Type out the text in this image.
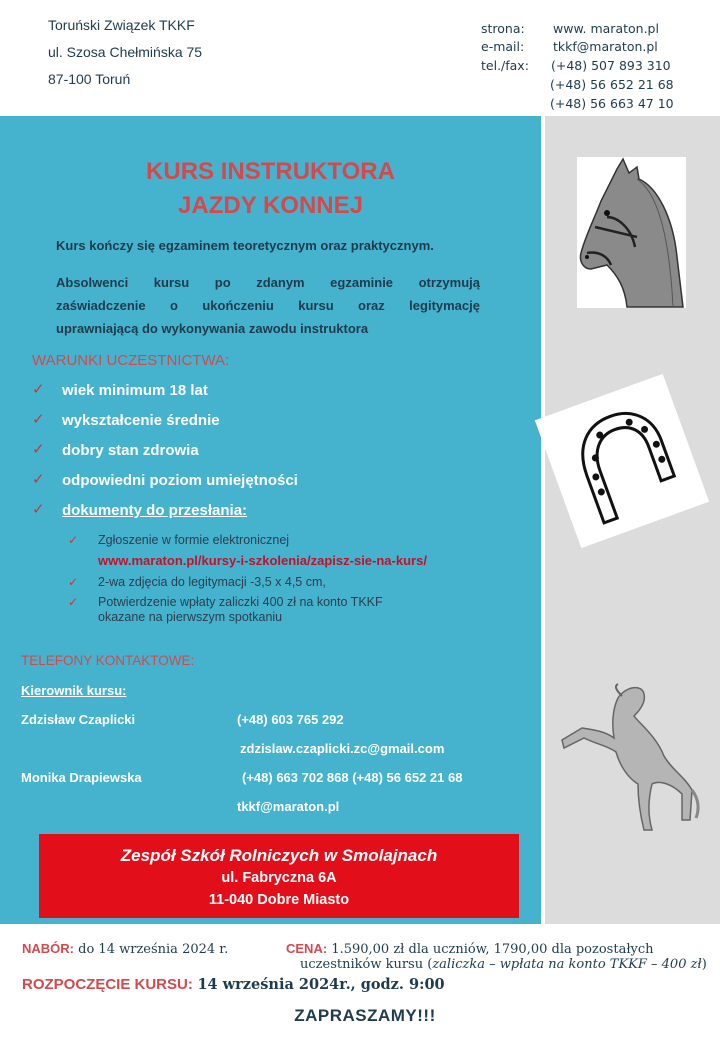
Toruński Związek TKKF
ul. Szosa Chełmińska 75
87-100 Toruń
strona: www. maraton.pl
e-mail: tkkf@maraton.pl
tel./fax: (+48) 507 893 310
(+48) 56 652 21 68
(+48) 56 663 47 10
KURS INSTRUKTORA
JAZDY KONNEJ
Kurs kończy się egzaminem teoretycznym oraz praktycznym.
Absolwenci kursu po zdanym egzaminie otrzymują
zaświadczenie o ukończeniu kursu oraz legitymację
uprawniającą do wykonywania zawodu instruktora
WARUNKI UCZESTNICTWA:
✓ wiek minimum 18 lat
✓ wykształcenie średnie
✓ dobry stan zdrowia
✓ odpowiedni poziom umiejętności
✓ dokumenty do przesłania:
✓ Zgłoszenie w formie elektronicznej
www.maraton.pl/kursy-i-szkolenia/zapisz-sie-na-kurs/
✓ 2-wa zdjęcia do legitymacji -3,5 x 4,5 cm,
✓ Potwierdzenie wpłaty zaliczki 400 zł na konto TKKF
okazane na pierwszym spotkaniu
TELEFONY KONTAKTOWE:
Kierownik kursu:
Zdzisław Czaplicki	(+48) 603 765 292
zdzislaw.czaplicki.zc@gmail.com
Monika Drapiewska	(+48) 663 702 868 (+48) 56 652 21 68
tkkf@maraton.pl
Zespół Szkół Rolniczych w Smolajnach
ul. Fabryczna 6A
11-040 Dobre Miasto
NABÓR: do 14 września 2024 r.	CENA: 1.590,00 zł dla uczniów, 1790,00 dla pozostałych
uczestników kursu (zaliczka – wpłata na konto TKKF – 400 zł)
ROZPOCZĘCIE KURSU: 14 września 2024r., godz. 9:00
ZAPRASZAMY!!!
